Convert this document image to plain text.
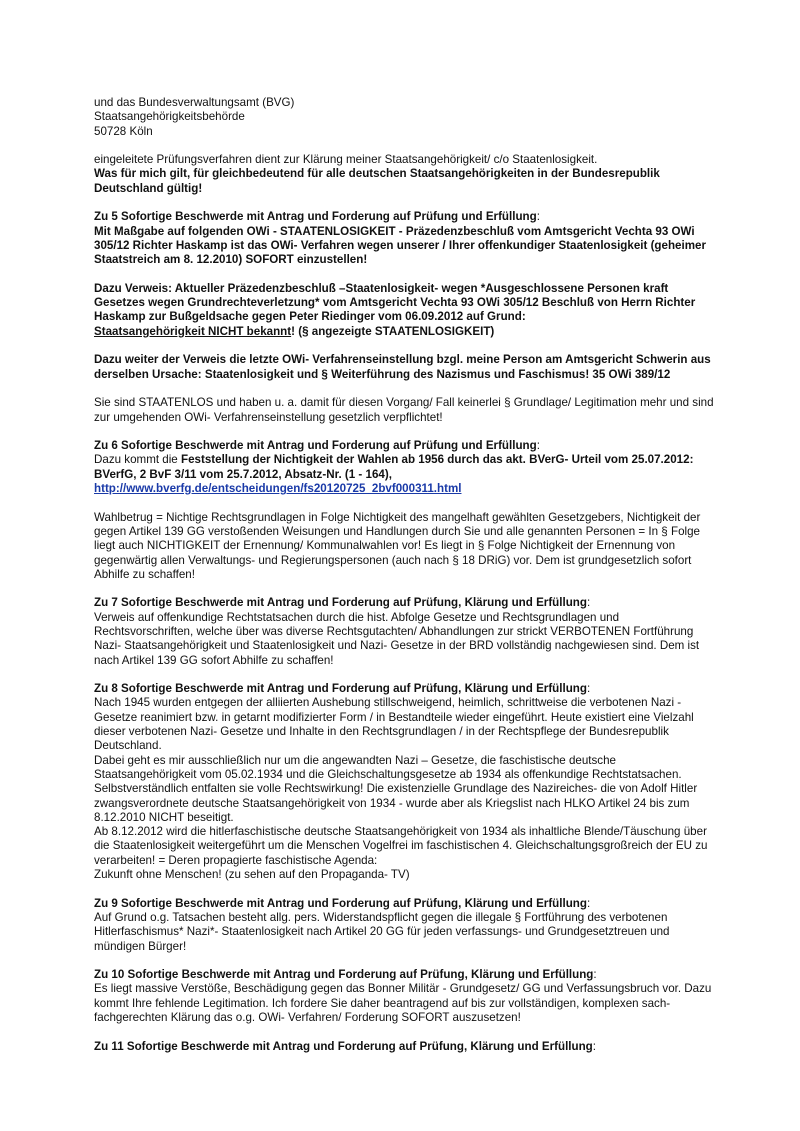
und das Bundesverwaltungsamt (BVG)
Staatsangehörigkeitsbehörde
50728 Köln

eingeleitete Prüfungsverfahren dient zur Klärung meiner Staatsangehörigkeit/ c/o Staatenlosigkeit.
Was für mich gilt, für gleichbedeutend für alle deutschen Staatsangehörigkeiten in der Bundesrepublik Deutschland gültig!

Zu 5 Sofortige Beschwerde mit Antrag und Forderung auf Prüfung und Erfüllung:
Mit Maßgabe auf folgenden OWi - STAATENLOSIGKEIT - Präzedenzbeschluß vom Amtsgericht Vechta 93 OWi 305/12 Richter Haskamp ist das OWi- Verfahren wegen unserer / Ihrer offenkundiger Staatenlosigkeit (geheimer Staatstreich am 8. 12.2010) SOFORT einzustellen!

Dazu Verweis: Aktueller Präzedenzbeschluß –Staatenlosigkeit- wegen *Ausgeschlossene Personen kraft Gesetzes wegen Grundrechteverletzung* vom Amtsgericht Vechta 93 OWi 305/12 Beschluß von Herrn Richter Haskamp zur Bußgeldsache gegen Peter Riedinger vom 06.09.2012 auf Grund:
Staatsangehörigkeit NICHT bekannt! (§ angezeigte STAATENLOSIGKEIT)

Dazu weiter der Verweis die letzte OWi- Verfahrenseinstellung bzgl. meine Person am Amtsgericht Schwerin aus derselben Ursache: Staatenlosigkeit und § Weiterführung des Nazismus und Faschismus! 35 OWi 389/12

Sie sind STAATENLOS und haben u. a. damit für diesen Vorgang/ Fall keinerlei § Grundlage/ Legitimation mehr und sind zur umgehenden OWi- Verfahrenseinstellung gesetzlich verpflichtet!

Zu 6 Sofortige Beschwerde mit Antrag und Forderung auf Prüfung und Erfüllung:
Dazu kommt die Feststellung der Nichtigkeit der Wahlen ab 1956 durch das akt. BVerG- Urteil vom 25.07.2012:
BVerfG, 2 BvF 3/11 vom 25.7.2012, Absatz-Nr. (1 - 164),
http://www.bverfg.de/entscheidungen/fs20120725_2bvf000311.html

Wahlbetrug = Nichtige Rechtsgrundlagen in Folge Nichtigkeit des mangelhaft gewählten Gesetzgebers, Nichtigkeit der gegen Artikel 139 GG verstoßenden Weisungen und Handlungen durch Sie und alle genannten Personen = In § Folge liegt auch NICHTIGKEIT der Ernennung/ Kommunalwahlen vor! Es liegt in § Folge Nichtigkeit der Ernennung von gegenwärtig allen Verwaltungs- und Regierungspersonen (auch nach § 18 DRiG) vor. Dem ist grundgesetzlich sofort Abhilfe zu schaffen!

Zu 7 Sofortige Beschwerde mit Antrag und Forderung auf Prüfung, Klärung und Erfüllung:
Verweis auf offenkundige Rechtstatsachen durch die hist. Abfolge Gesetze und Rechtsgrundlagen und Rechtsvorschriften, welche über was diverse Rechtsgutachten/ Abhandlungen zur strickt VERBOTENEN Fortführung Nazi- Staatsangehörigkeit und Staatenlosigkeit und Nazi- Gesetze in der BRD vollständig nachgewiesen sind. Dem ist nach Artikel 139 GG sofort Abhilfe zu schaffen!

Zu 8 Sofortige Beschwerde mit Antrag und Forderung auf Prüfung, Klärung und Erfüllung:
Nach 1945 wurden entgegen der alliierten Aushebung stillschweigend, heimlich, schrittweise die verbotenen Nazi - Gesetze reanimiert bzw. in getarnt modifizierter Form / in Bestandteile wieder eingeführt. Heute existiert eine Vielzahl dieser verbotenen Nazi- Gesetze und Inhalte in den Rechtsgrundlagen / in der Rechtspflege der Bundesrepublik Deutschland.
Dabei geht es mir ausschließlich nur um die angewandten Nazi – Gesetze, die faschistische deutsche Staatsangehörigkeit vom 05.02.1934 und die Gleichschaltungsgesetze ab 1934 als offenkundige Rechtstatsachen. Selbstverständlich entfalten sie volle Rechtswirkung! Die existenzielle Grundlage des Nazireiches- die von Adolf Hitler zwangsverordnete deutsche Staatsangehörigkeit von 1934 - wurde aber als Kriegslist nach HLKO Artikel 24 bis zum 8.12.2010 NICHT beseitigt.
Ab 8.12.2012 wird die hitlerfaschistische deutsche Staatsangehörigkeit von 1934 als inhaltliche Blende/Täuschung über die Staatenlosigkeit weitergeführt um die Menschen Vogelfrei im faschistischen 4. Gleichschaltungsgroßreich der EU zu verarbeiten! = Deren propagierte faschistische Agenda:
Zukunft ohne Menschen! (zu sehen auf den Propaganda- TV)

Zu 9 Sofortige Beschwerde mit Antrag und Forderung auf Prüfung, Klärung und Erfüllung:
Auf Grund o.g. Tatsachen besteht allg. pers. Widerstandspflicht gegen die illegale § Fortführung des verbotenen Hitlerfaschismus* Nazi*- Staatenlosigkeit nach Artikel 20 GG für jeden verfassungs- und Grundgesetztreuen und mündigen Bürger!

Zu 10 Sofortige Beschwerde mit Antrag und Forderung auf Prüfung, Klärung und Erfüllung:
Es liegt massive Verstöße, Beschädigung gegen das Bonner Militär - Grundgesetz/ GG und Verfassungsbruch vor. Dazu kommt Ihre fehlende Legitimation. Ich fordere Sie daher beantragend auf bis zur vollständigen, komplexen sach- fachgerechten Klärung das o.g. OWi- Verfahren/ Forderung SOFORT auszusetzen!

Zu 11 Sofortige Beschwerde mit Antrag und Forderung auf Prüfung, Klärung und Erfüllung:
